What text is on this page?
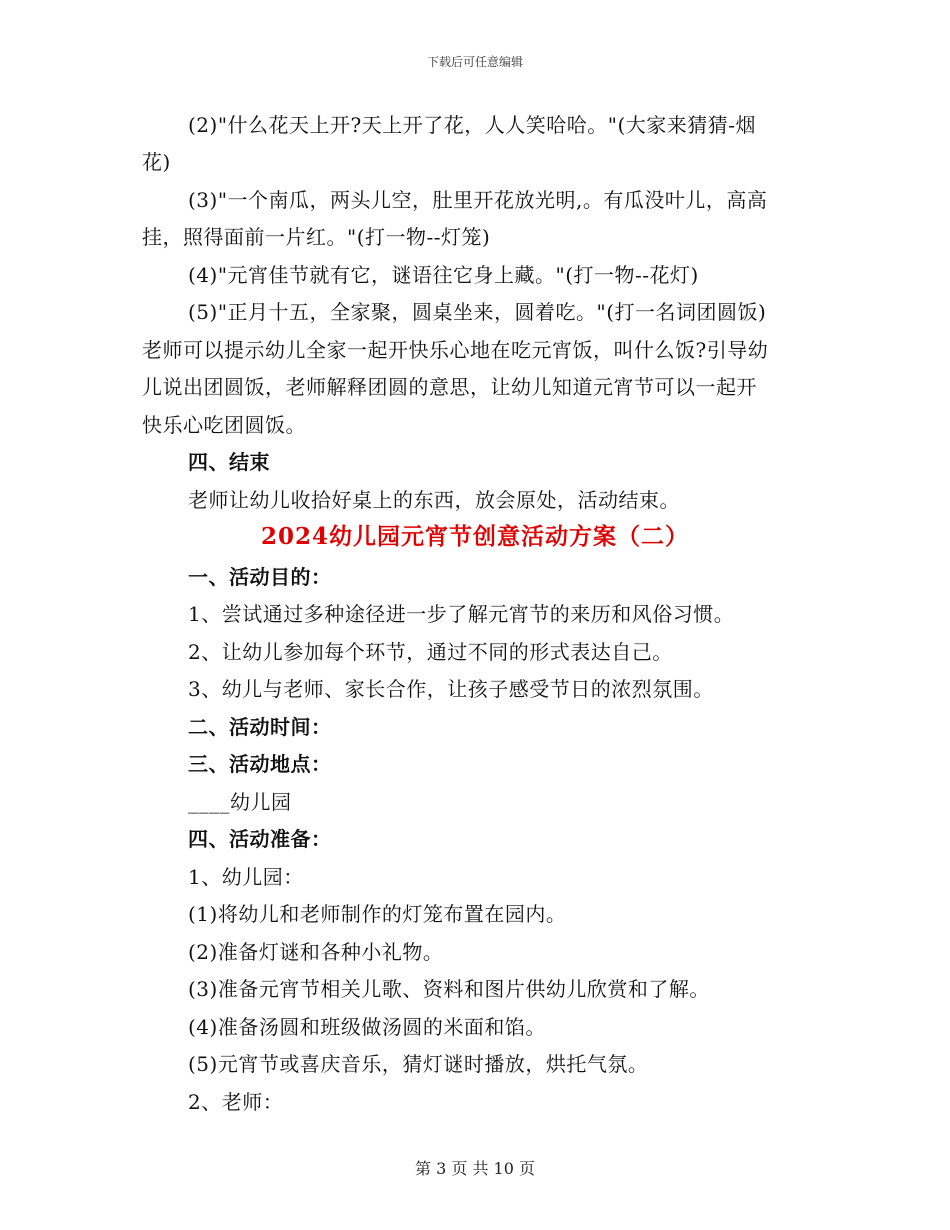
下载后可任意编辑
(2)"什么花天上开?天上开了花，人人笑哈哈。"(大家来猜猜-烟
花)
(3)"一个南瓜，两头儿空，肚里开花放光明,。有瓜没叶儿，高高
挂，照得面前一片红。"(打一物--灯笼)
(4)"元宵佳节就有它，谜语往它身上藏。"(打一物--花灯)
(5)"正月十五，全家聚，圆桌坐来，圆着吃。"(打一名词团圆饭)
老师可以提示幼儿全家一起开快乐心地在吃元宵饭，叫什么饭?引导幼
儿说出团圆饭，老师解释团圆的意思，让幼儿知道元宵节可以一起开
快乐心吃团圆饭。
四、结束
老师让幼儿收拾好桌上的东西，放会原处，活动结束。
2024幼儿园元宵节创意活动方案（二）
一、活动目的：
1、尝试通过多种途径进一步了解元宵节的来历和风俗习惯。
2、让幼儿参加每个环节，通过不同的形式表达自己。
3、幼儿与老师、家长合作，让孩子感受节日的浓烈氛围。
二、活动时间：
三、活动地点：
____幼儿园
四、活动准备：
1、幼儿园：
(1)将幼儿和老师制作的灯笼布置在园内。
(2)准备灯谜和各种小礼物。
(3)准备元宵节相关儿歌、资料和图片供幼儿欣赏和了解。
(4)准备汤圆和班级做汤圆的米面和馅。
(5)元宵节或喜庆音乐，猜灯谜时播放，烘托气氛。
2、老师：
第 3 页 共 10 页
